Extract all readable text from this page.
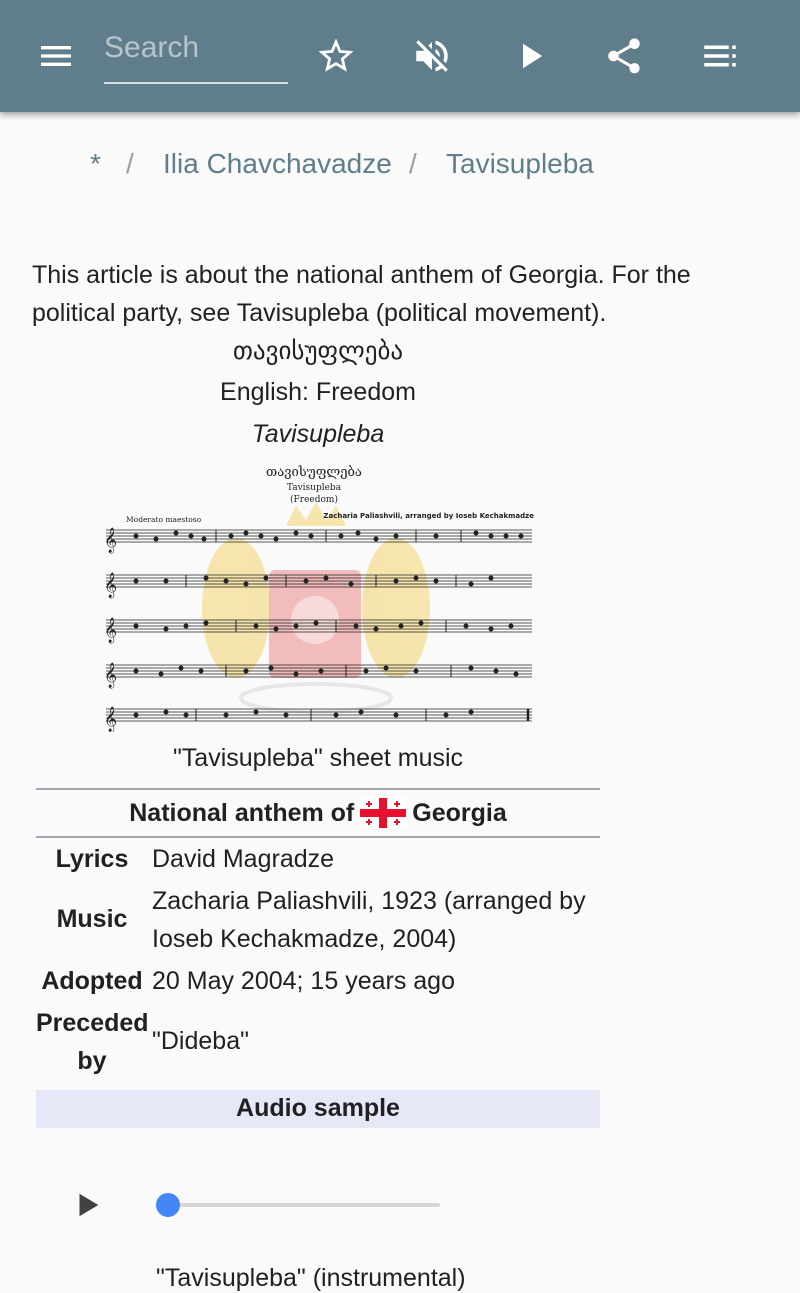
Search
* / Ilia Chavchavadze / Tavisupleba
This article is about the national anthem of Georgia. For the
political party, see Tavisupleba (political movement).
თავისუფლება
English: Freedom
Tavisupleba
𝄞
𝄞
𝄞
𝄞
𝄞
თავისუფლება
Tavisupleba
(Freedom)
Moderato maestoso	Zacharia Paliashvili, arranged by Ioseb Kechakmadze
"Tavisupleba" sheet music
National anthem of Georgia
Lyrics David Magradze
Music
Zacharia Paliashvili, 1923 (arranged by
Ioseb Kechakmadze, 2004)
Adopted 20 May 2004; 15 years ago
Preceded
by
"Dideba"
Audio sample
"Tavisupleba" (instrumental)
